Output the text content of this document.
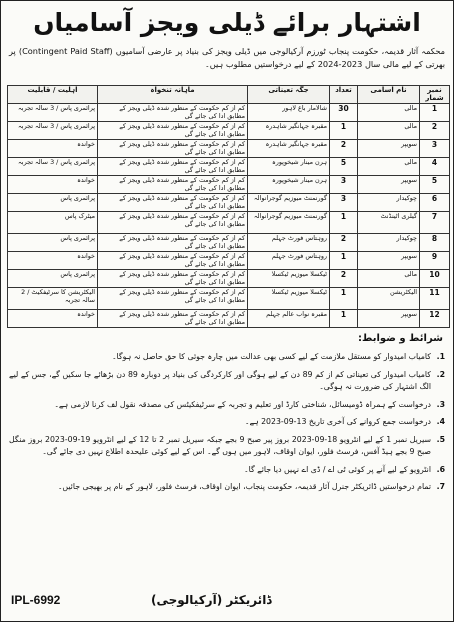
اشتہار برائے ڈیلی ویجز آسامیاں
محکمہ آثار قدیمہ، حکومت پنجاب ٹورزم آرکیالوجی میں ڈیلی ویجز کی بنیاد پر عارضی آسامیوں (Contingent Paid Staff) پر بھرتی کے لیے مالی سال 2023-2024 کے لیے درخواستیں مطلوب ہیں۔
نمبر شمار	نام آسامی	تعداد	جگہ تعیناتی	ماہانہ تنخواہ	اہلیت / قابلیت
1	مالی	30	شالامار باغ لاہور	کم از کم حکومت کے منظور شدہ ڈیلی ویجز کے مطابق ادا کی جائے گی	پرائمری پاس / 3 سالہ تجربہ
2	مالی	1	مقبرہ جہانگیر شاہدرہ	کم از کم حکومت کے منظور شدہ ڈیلی ویجز کے مطابق ادا کی جائے گی	پرائمری پاس / 3 سالہ تجربہ
3	سویپر	2	مقبرہ جہانگیر شاہدرہ	کم از کم حکومت کے منظور شدہ ڈیلی ویجز کے مطابق ادا کی جائے گی	خواندہ
4	مالی	5	ہرن مینار شیخوپورہ	کم از کم حکومت کے منظور شدہ ڈیلی ویجز کے مطابق ادا کی جائے گی	پرائمری پاس / 3 سالہ تجربہ
5	سویپر	3	ہرن مینار شیخوپورہ	کم از کم حکومت کے منظور شدہ ڈیلی ویجز کے مطابق ادا کی جائے گی	خواندہ
6	چوکیدار	3	گورنمنٹ میوزیم گوجرانوالہ	کم از کم حکومت کے منظور شدہ ڈیلی ویجز کے مطابق ادا کی جائے گی	پرائمری پاس
7	گیلری اٹینڈنٹ	1	گورنمنٹ میوزیم گوجرانوالہ	کم از کم حکومت کے منظور شدہ ڈیلی ویجز کے مطابق ادا کی جائے گی	میٹرک پاس
8	چوکیدار	2	روہتاس فورٹ جہلم	کم از کم حکومت کے منظور شدہ ڈیلی ویجز کے مطابق ادا کی جائے گی	پرائمری پاس
9	سویپر	1	روہتاس فورٹ جہلم	کم از کم حکومت کے منظور شدہ ڈیلی ویجز کے مطابق ادا کی جائے گی	خواندہ
10	مالی	2	ٹیکسلا میوزیم ٹیکسلا	کم از کم حکومت کے منظور شدہ ڈیلی ویجز کے مطابق ادا کی جائے گی	پرائمری پاس
11	الیکٹریشن	1	ٹیکسلا میوزیم ٹیکسلا	کم از کم حکومت کے منظور شدہ ڈیلی ویجز کے مطابق ادا کی جائے گی	الیکٹریشن کا سرٹیفکیٹ / 2 سالہ تجربہ
12	سویپر	1	مقبرہ نواب عالم جہلم	کم از کم حکومت کے منظور شدہ ڈیلی ویجز کے مطابق ادا کی جائے گی	خواندہ
شرائط و ضوابط:
1.
کامیاب امیدوار کو مستقل ملازمت کے لیے کسی بھی عدالت میں چارہ جوئی کا حق حاصل نہ ہوگا۔
2.
کامیاب امیدوار کی تعیناتی کم از کم 89 دن کے لیے ہوگی اور کارکردگی کی بنیاد پر دوبارہ 89 دن بڑھائے جا سکیں گے، جس کے لیے الگ اشتہار کی ضرورت نہ ہوگی۔
3.
درخواست کے ہمراہ ڈومیسائل، شناختی کارڈ اور تعلیم و تجربہ کے سرٹیفکیٹس کی مصدقہ نقول لف کرنا لازمی ہے۔
4.
درخواست جمع کروانے کی آخری تاریخ 13-09-2023 ہے۔
5.
سیریل نمبر 1 کے لیے انٹرویو 18-09-2023 بروز پیر صبح 9 بجے جبکہ سیریل نمبر 2 تا 12 کے لیے انٹرویو 19-09-2023 بروز منگل صبح 9 بجے ہیڈ آفس، فرسٹ فلور، ایوان اوقاف، لاہور میں ہوں گے۔ اس کے لیے کوئی علیحدہ اطلاع نہیں دی جائے گی۔
6.
انٹرویو کے لیے آنے پر کوئی ٹی اے / ڈی اے نہیں دیا جائے گا۔
7.
تمام درخواستیں ڈائریکٹر جنرل آثار قدیمہ، حکومت پنجاب، ایوان اوقاف، فرسٹ فلور، لاہور کے نام پر بھیجی جائیں۔
IPL-6992	ڈائریکٹر (آرکیالوجی)
